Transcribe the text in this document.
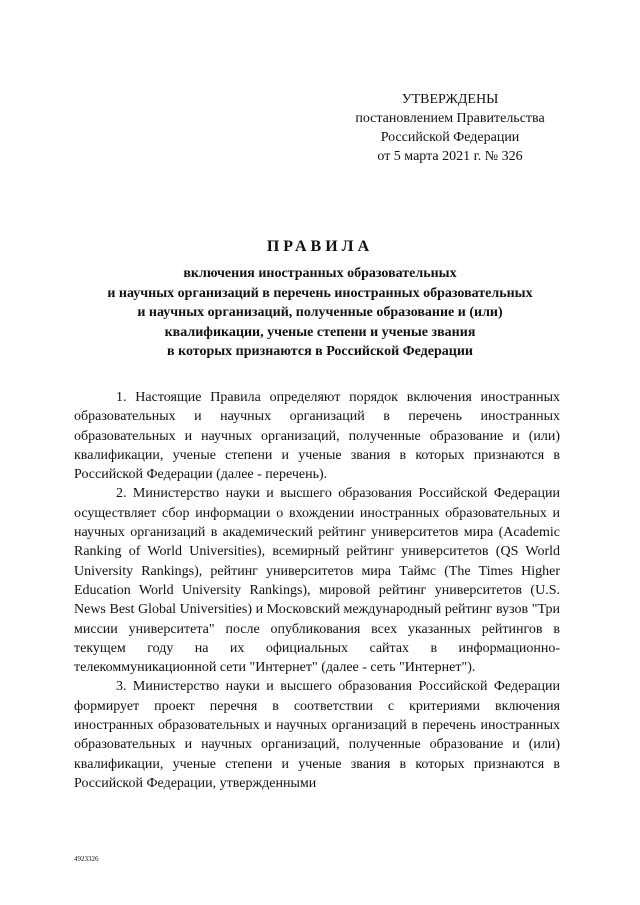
УТВЕРЖДЕНЫ
постановлением Правительства
Российской Федерации
от 5 марта 2021 г. № 326
ПРАВИЛА
включения иностранных образовательных
и научных организаций в перечень иностранных образовательных
и научных организаций, полученные образование и (или)
квалификации, ученые степени и ученые звания
в которых признаются в Российской Федерации

1. Настоящие Правила определяют порядок включения иностранных образовательных и научных организаций в перечень иностранных образовательных и научных организаций, полученные образование и (или) квалификации, ученые степени и ученые звания в которых признаются в Российской Федерации (далее - перечень).

2. Министерство науки и высшего образования Российской Федерации осуществляет сбор информации о вхождении иностранных образовательных и научных организаций в академический рейтинг университетов мира (Academic Ranking of World Universities), всемирный рейтинг университетов (QS World University Rankings), рейтинг университетов мира Таймс (The Times Higher Education World University Rankings), мировой рейтинг университетов (U.S. News Best Global Universities) и Московский международный рейтинг вузов "Три миссии университета" после опубликования всех указанных рейтингов в текущем году на их официальных сайтах в информационно-телекоммуникационной сети "Интернет" (далее - сеть "Интернет").

3. Министерство науки и высшего образования Российской Федерации формирует проект перечня в соответствии с критериями включения иностранных образовательных и научных организаций в перечень иностранных образовательных и научных организаций, полученные образование и (или) квалификации, ученые степени и ученые звания в которых признаются в Российской Федерации, утвержденными

4923326
